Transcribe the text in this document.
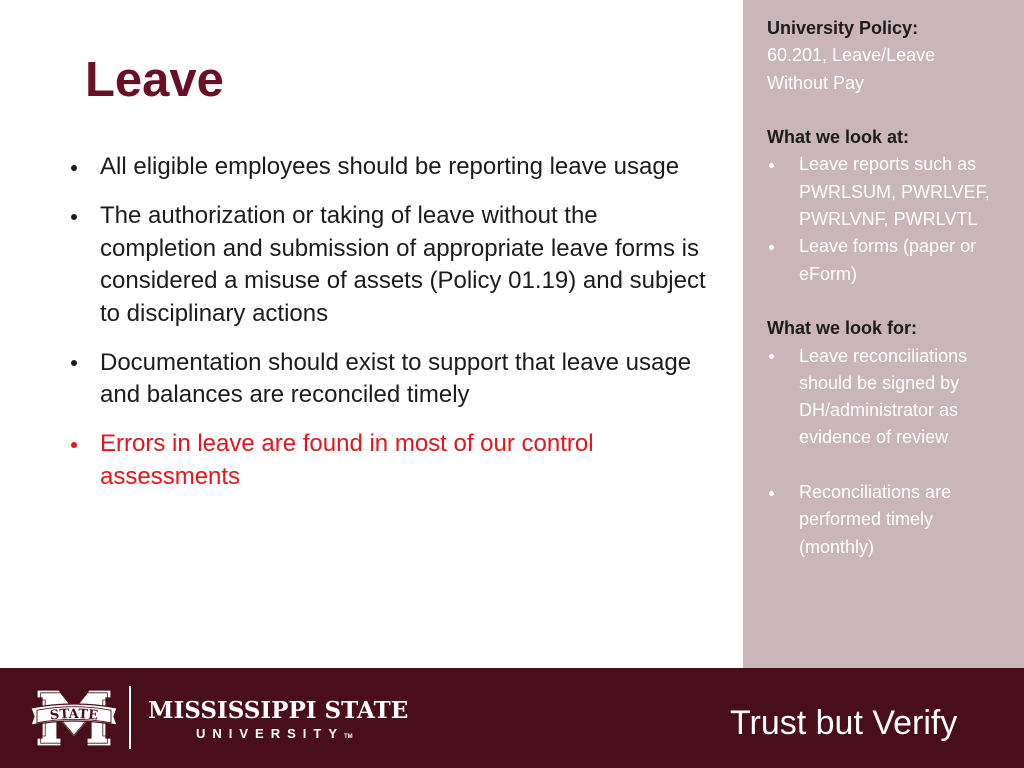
Leave
All eligible employees should be reporting leave usage
The authorization or taking of leave without the
completion and submission of appropriate leave forms is
considered a misuse of assets (Policy 01.19) and subject
to disciplinary actions
Documentation should exist to support that leave usage
and balances are reconciled timely
Errors in leave are found in most of our control
assessments
University Policy:
60.201, Leave/Leave
Without Pay
What we look at:
Leave reports such as
PWRLSUM, PWRLVEF,
PWRLVNF, PWRLVTL
Leave forms (paper or
eForm)
What we look for:
Leave reconciliations
should be signed by
DH/administrator as
evidence of review
Reconciliations are
performed timely
(monthly)
STATE MISSISSIPPI STATE
UNIVERSITYTM	Trust but Verify
